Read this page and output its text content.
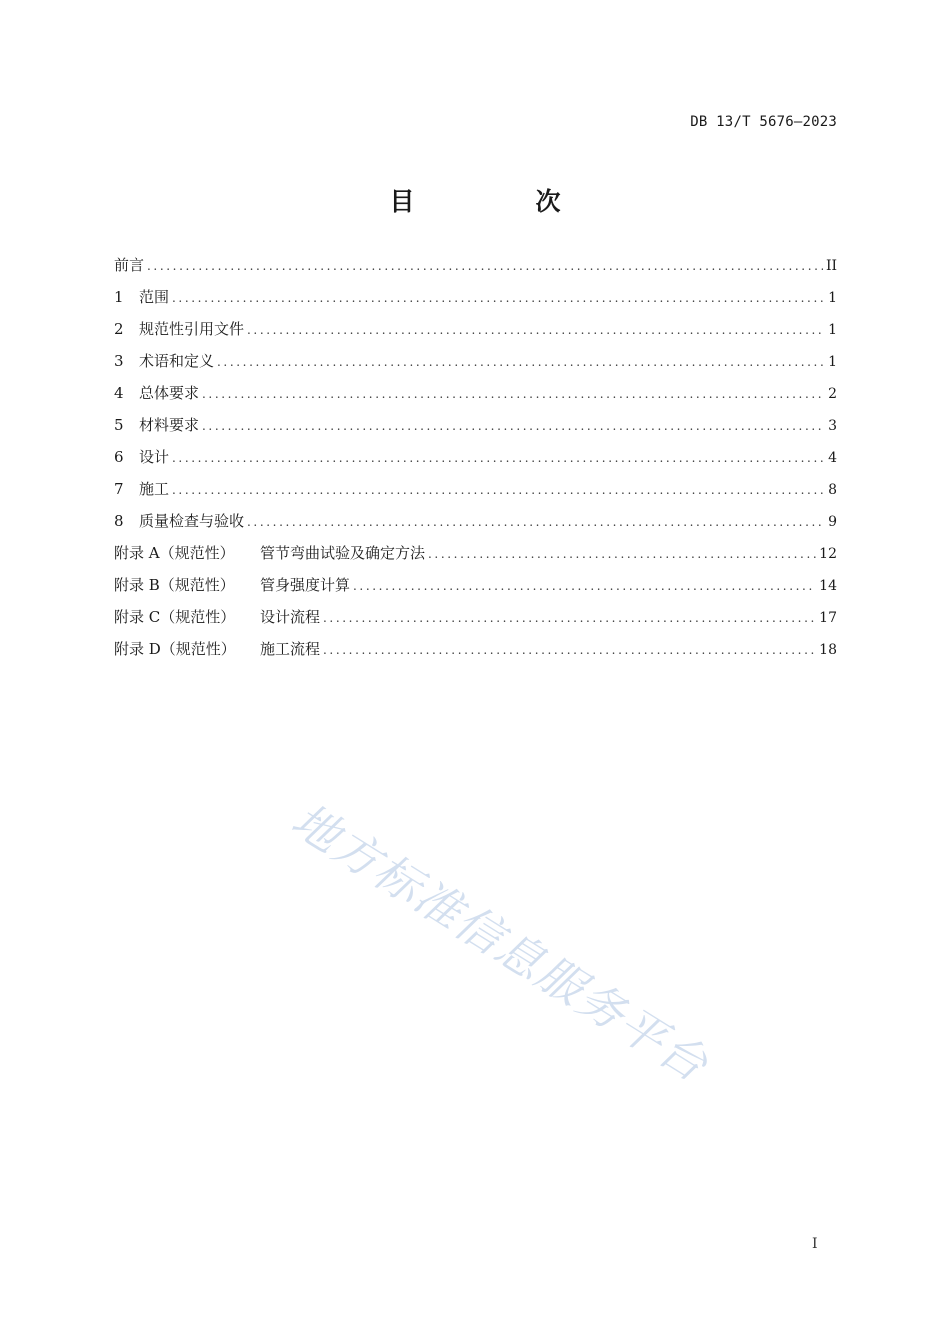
DB 13/T 5676—2023
目　次
前言 .....	II
1	范围 .....	1
2	规范性引用文件 .....	1
3	术语和定义 .....	1
4	总体要求 .....	2
5	材料要求 .....	3
6	设计 .....	4
7	施工 .....	8
8	质量检查与验收 .....	9
附录 A（规范性）	管节弯曲试验及确定方法 .....	12
附录 B（规范性）	管身强度计算 .....	14
附录 C（规范性）	设计流程 .....	17
附录 D（规范性）	施工流程 .....	18
地方标准信息服务平台
I
